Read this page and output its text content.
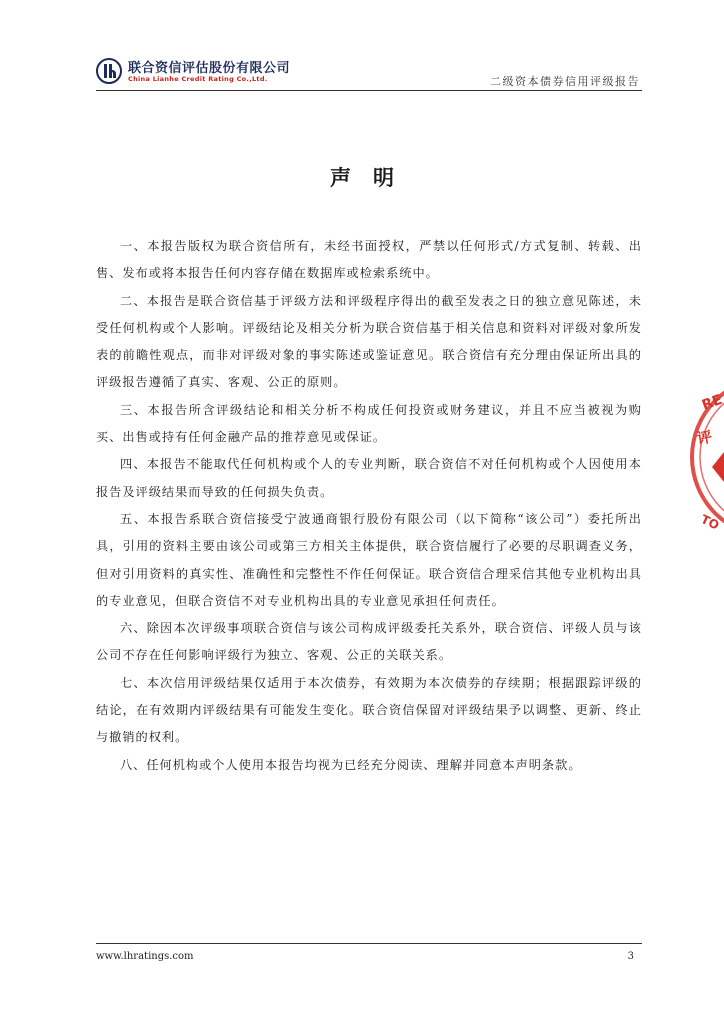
联合资信评估股份有限公司
China Lianhe Credit Rating Co.,Ltd.	二级资本债券信用评级报告
声明

一、本报告版权为联合资信所有，未经书面授权，严禁以任何形式/方式复制、转载、出售、发布或将本报告任何内容存储在数据库或检索系统中。

二、本报告是联合资信基于评级方法和评级程序得出的截至发表之日的独立意见陈述，未受任何机构或个人影响。评级结论及相关分析为联合资信基于相关信息和资料对评级对象所发表的前瞻性观点，而非对评级对象的事实陈述或鉴证意见。联合资信有充分理由保证所出具的评级报告遵循了真实、客观、公正的原则。

三、本报告所含评级结论和相关分析不构成任何投资或财务建议，并且不应当被视为购买、出售或持有任何金融产品的推荐意见或保证。

四、本报告不能取代任何机构或个人的专业判断，联合资信不对任何机构或个人因使用本报告及评级结果而导致的任何损失负责。

五、本报告系联合资信接受宁波通商银行股份有限公司（以下简称“该公司”）委托所出具，引用的资料主要由该公司或第三方相关主体提供，联合资信履行了必要的尽职调查义务，但对引用资料的真实性、准确性和完整性不作任何保证。联合资信合理采信其他专业机构出具的专业意见，但联合资信不对专业机构出具的专业意见承担任何责任。

六、除因本次评级事项联合资信与该公司构成评级委托关系外，联合资信、评级人员与该公司不存在任何影响评级行为独立、客观、公正的关联关系。

七、本次信用评级结果仅适用于本次债券，有效期为本次债券的存续期；根据跟踪评级的结论，在有效期内评级结果有可能发生变化。联合资信保留对评级结果予以调整、更新、终止与撤销的权利。

八、任何机构或个人使用本报告均视为已经充分阅读、理解并同意本声明条款。

RE
评
TO
www.lhratings.com	3
